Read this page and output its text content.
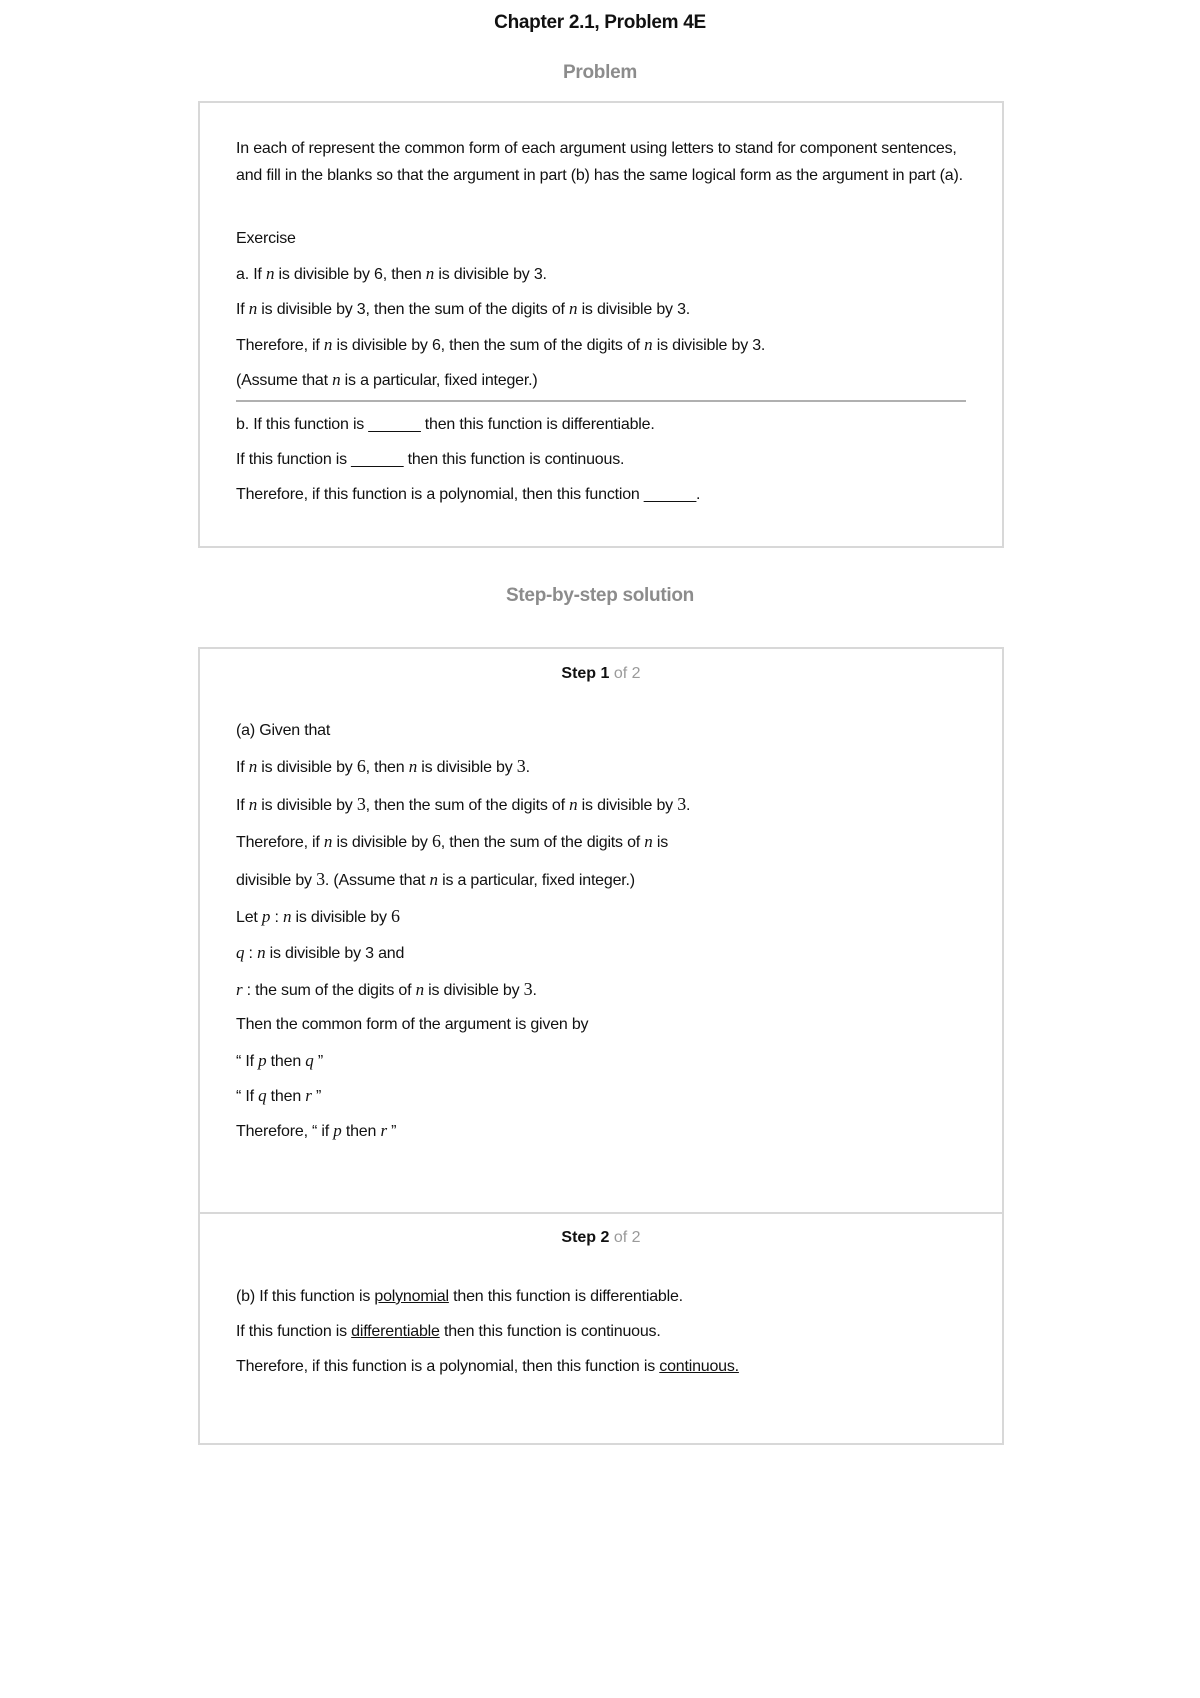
Chapter 2.1, Problem 4E
Problem
In each of represent the common form of each argument using letters to stand for component sentences, and fill in the blanks so that the argument in part (b) has the same logical form as the argument in part (a).
Exercise
a. If n is divisible by 6, then n is divisible by 3.
If n is divisible by 3, then the sum of the digits of n is divisible by 3.
Therefore, if n is divisible by 6, then the sum of the digits of n is divisible by 3.
(Assume that n is a particular, fixed integer.)
b. If this function is ______ then this function is differentiable.
If this function is ______ then this function is continuous.
Therefore, if this function is a polynomial, then this function ______.
Step-by-step solution
Step 1 of 2
(a) Given that
If n is divisible by 6, then n is divisible by 3.
If n is divisible by 3, then the sum of the digits of n is divisible by 3.
Therefore, if n is divisible by 6, then the sum of the digits of n is
divisible by 3. (Assume that n is a particular, fixed integer.)
Let p : n is divisible by 6
q : n is divisible by 3 and
r : the sum of the digits of n is divisible by 3.
Then the common form of the argument is given by
“ If p then q ”
“ If q then r ”
Therefore, “ if p then r ”
Step 2 of 2
(b) If this function is polynomial then this function is differentiable.
If this function is differentiable then this function is continuous.
Therefore, if this function is a polynomial, then this function is continuous.
